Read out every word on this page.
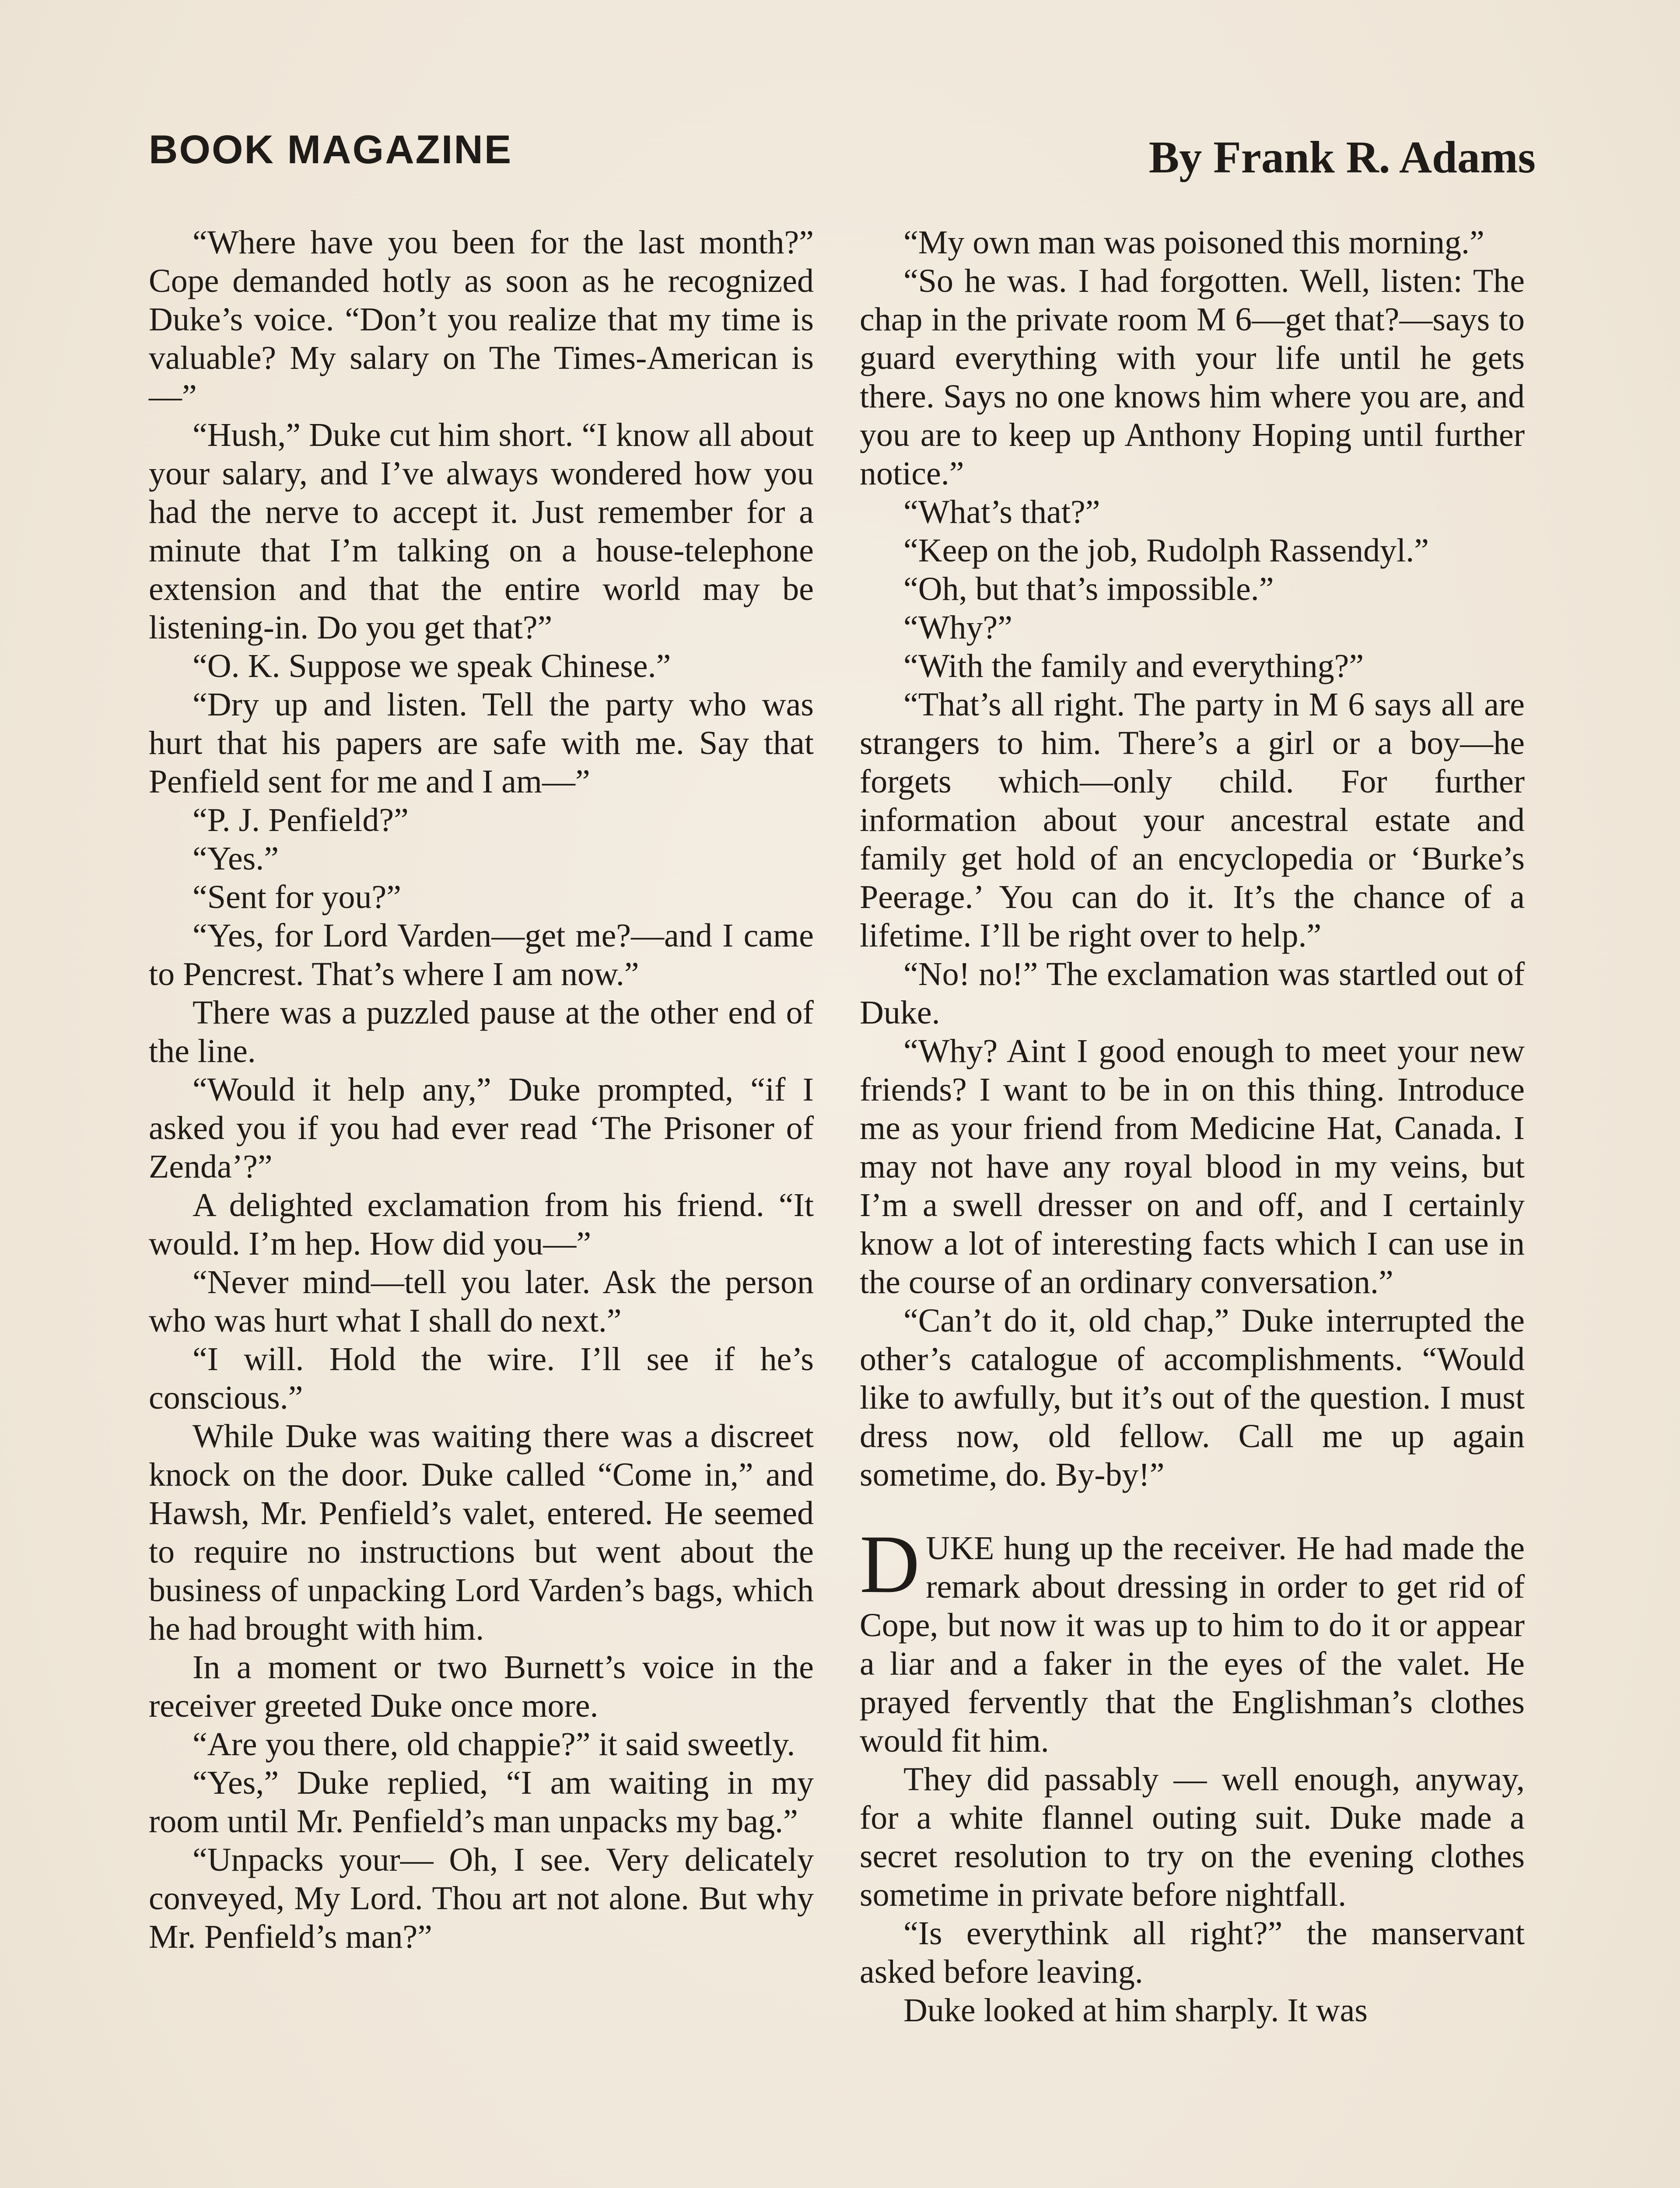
BOOK MAGAZINE	By Frank R. Adams

“Where have you been for the last month?” Cope demanded hotly as soon as he recognized Duke’s voice. “Don’t you realize that my time is valuable? My salary on The Times-American is—”

“Hush,” Duke cut him short. “I know all about your salary, and I’ve always wondered how you had the nerve to accept it. Just remember for a minute that I’m talking on a house-telephone extension and that the entire world may be listening-in. Do you get that?”

“O. K. Suppose we speak Chinese.”

“Dry up and listen. Tell the party who was hurt that his papers are safe with me. Say that Penfield sent for me and I am—”

“P. J. Penfield?”

“Yes.”

“Sent for you?”

“Yes, for Lord Varden—get me?—and I came to Pencrest. That’s where I am now.”

There was a puzzled pause at the other end of the line.

“Would it help any,” Duke prompted, “if I asked you if you had ever read ‘The Prisoner of Zenda’?”

A delighted exclamation from his friend. “It would. I’m hep. How did you—”

“Never mind—tell you later. Ask the person who was hurt what I shall do next.”

“I will. Hold the wire. I’ll see if he’s conscious.”

While Duke was waiting there was a discreet knock on the door. Duke called “Come in,” and Hawsh, Mr. Penfield’s valet, entered. He seemed to require no instructions but went about the business of unpacking Lord Varden’s bags, which he had brought with him.

In a moment or two Burnett’s voice in the receiver greeted Duke once more.

“Are you there, old chappie?” it said sweetly.

“Yes,” Duke replied, “I am waiting in my room until Mr. Penfield’s man unpacks my bag.”

“Unpacks your— Oh, I see. Very delicately conveyed, My Lord. Thou art not alone. But why Mr. Penfield’s man?”

“My own man was poisoned this morning.”

“So he was. I had forgotten. Well, listen: The chap in the private room M 6—get that?—says to guard everything with your life until he gets there. Says no one knows him where you are, and you are to keep up Anthony Hoping until further notice.”

“What’s that?”

“Keep on the job, Rudolph Rassendyl.”

“Oh, but that’s impossible.”

“Why?”

“With the family and everything?”

“That’s all right. The party in M 6 says all are strangers to him. There’s a girl or a boy—he forgets which—only child. For further information about your ancestral estate and family get hold of an encyclopedia or ‘Burke’s Peerage.’ You can do it. It’s the chance of a lifetime. I’ll be right over to help.”

“No! no!” The exclamation was startled out of Duke.

“Why? Aint I good enough to meet your new friends? I want to be in on this thing. Introduce me as your friend from Medicine Hat, Canada. I may not have any royal blood in my veins, but I’m a swell dresser on and off, and I certainly know a lot of interesting facts which I can use in the course of an ordinary conversation.”

“Can’t do it, old chap,” Duke interrupted the other’s catalogue of accomplishments. “Would like to awfully, but it’s out of the question. I must dress now, old fellow. Call me up again sometime, do. By-by!”

DUKE hung up the receiver. He had made the remark about dressing in order to get rid of Cope, but now it was up to him to do it or appear a liar and a faker in the eyes of the valet. He prayed fervently that the Englishman’s clothes would fit him.

They did passably — well enough, anyway, for a white flannel outing suit. Duke made a secret resolution to try on the evening clothes sometime in private before nightfall.

“Is everythink all right?” the manservant asked before leaving.

Duke looked at him sharply. It was
